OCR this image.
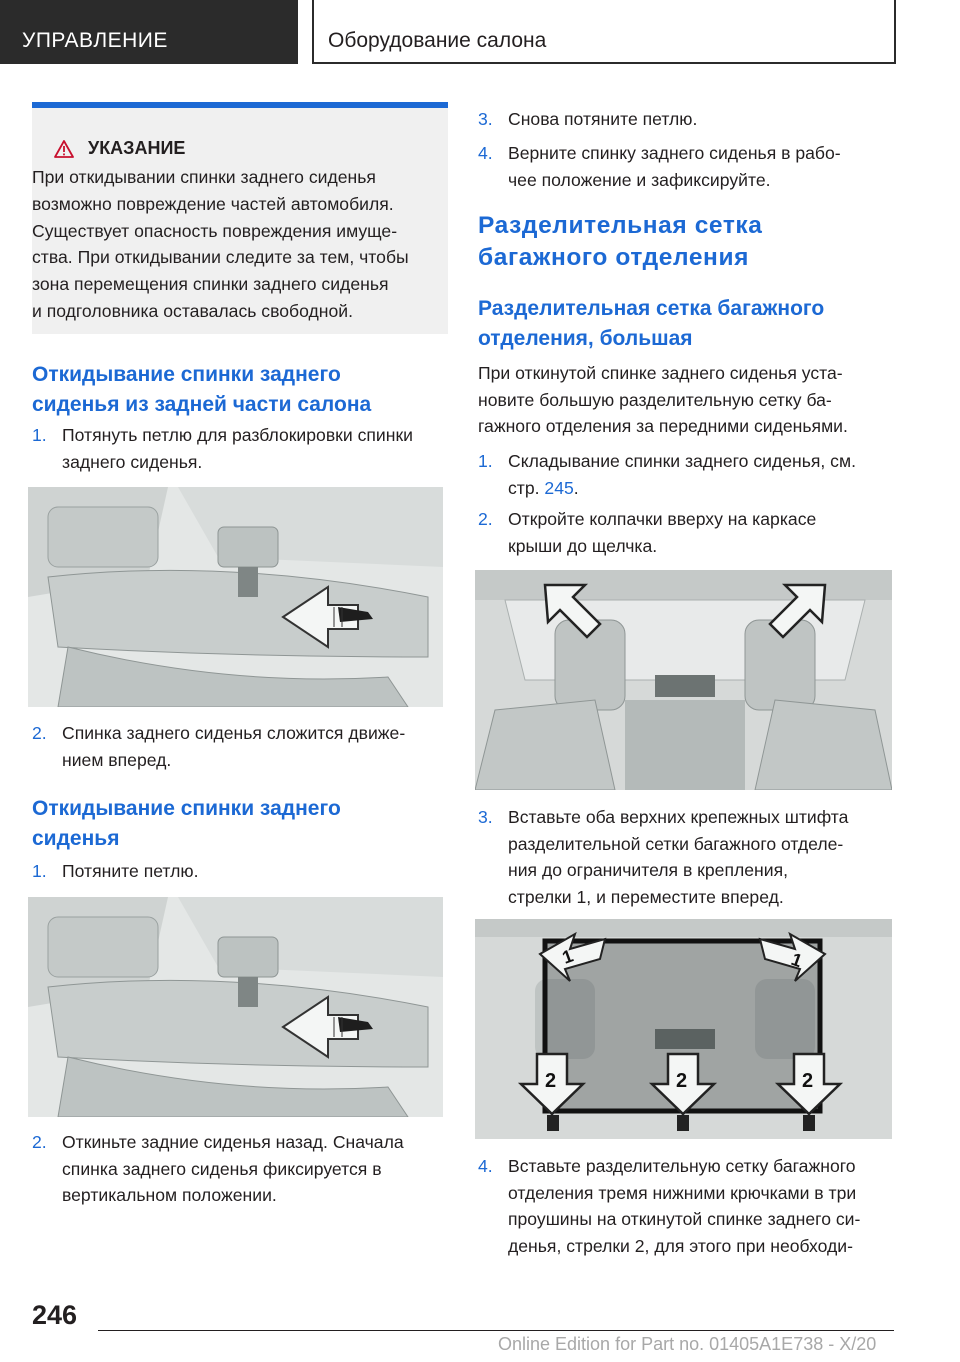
УПРАВЛЕНИЕ	Оборудование салона
УКАЗАНИЕ
При откидывании спинки заднего сиденья
возможно повреждение частей автомобиля.
Существует опасность повреждения имуще-
ства. При откидывании следите за тем, чтобы
зона перемещения спинки заднего сиденья
и подголовника оставалась свободной.
Откидывание спинки заднего
сиденья из задней части салона
1. Потянуть петлю для разблокировки спинки
заднего сиденья.
2. Спинка заднего сиденья сложится движе-
нием вперед.
Откидывание спинки заднего
сиденья
1. Потяните петлю.
2. Откиньте задние сиденья назад. Сначала
спинка заднего сиденья фиксируется в
вертикальном положении.
3. Снова потяните петлю.
4. Верните спинку заднего сиденья в рабо-
чее положение и зафиксируйте.
Разделительная сетка
багажного отделения
Разделительная сетка багажного
отделения, большая
При откинутой спинке заднего сиденья уста-
новите большую разделительную сетку ба-
гажного отделения за передними сиденьями.
1. Складывание спинки заднего сиденья, см.
стр. 245.
2. Откройте колпачки вверху на каркасе
крыши до щелчка.
3. Вставьте оба верхних крепежных штифта
разделительной сетки багажного отделе-
ния до ограничителя в крепления,
стрелки 1, и переместите вперед.
1	1
2	2	2
4. Вставьте разделительную сетку багажного
отделения тремя нижними крючками в три
проушины на откинутой спинке заднего си-
денья, стрелки 2, для этого при необходи-
246
Online Edition for Part no. 01405A1E738 - X/20
